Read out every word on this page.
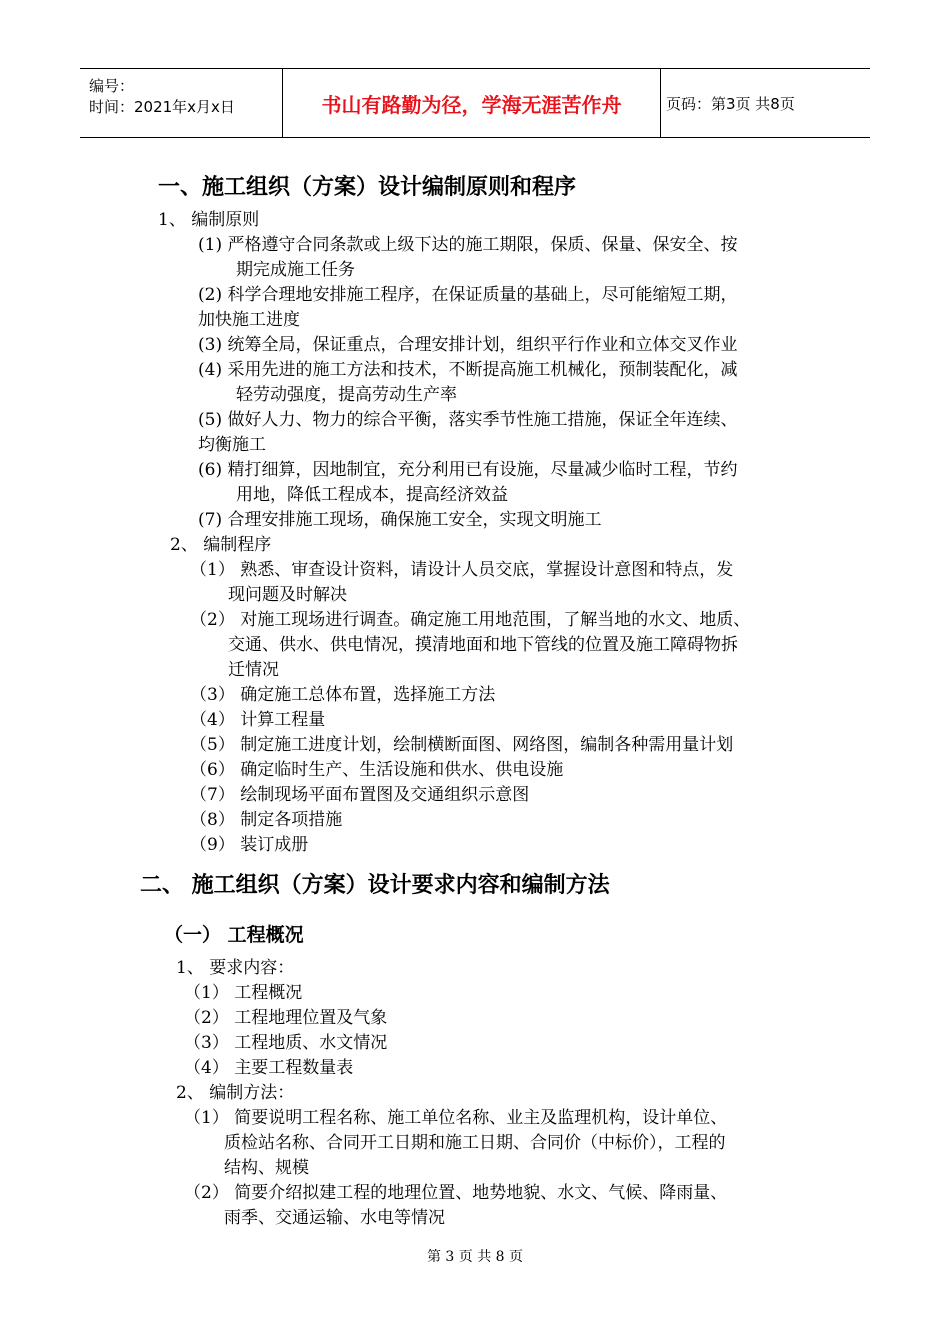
编号：
时间：2021年x月x日	书山有路勤为径，学海无涯苦作舟	页码：第3页 共8页
一、施工组织（方案）设计编制原则和程序
1、 编制原则
(1) 严格遵守合同条款或上级下达的施工期限，保质、保量、保安全、按
期完成施工任务
(2) 科学合理地安排施工程序，在保证质量的基础上，尽可能缩短工期，
加快施工进度
(3) 统筹全局，保证重点，合理安排计划，组织平行作业和立体交叉作业
(4) 采用先进的施工方法和技术，不断提高施工机械化，预制装配化，减
轻劳动强度，提高劳动生产率
(5) 做好人力、物力的综合平衡，落实季节性施工措施，保证全年连续、
均衡施工
(6) 精打细算，因地制宜，充分利用已有设施，尽量减少临时工程，节约
用地，降低工程成本，提高经济效益
(7) 合理安排施工现场，确保施工安全，实现文明施工
2、 编制程序
（1） 熟悉、审查设计资料，请设计人员交底，掌握设计意图和特点，发
现问题及时解决
（2） 对施工现场进行调查。确定施工用地范围，了解当地的水文、地质、
交通、供水、供电情况，摸清地面和地下管线的位置及施工障碍物拆
迁情况
（3） 确定施工总体布置，选择施工方法
（4） 计算工程量
（5） 制定施工进度计划，绘制横断面图、网络图，编制各种需用量计划
（6） 确定临时生产、生活设施和供水、供电设施
（7） 绘制现场平面布置图及交通组织示意图
（8） 制定各项措施
（9） 装订成册
二、 施工组织（方案）设计要求内容和编制方法
（一） 工程概况
1、 要求内容：
（1） 工程概况
（2） 工程地理位置及气象
（3） 工程地质、水文情况
（4） 主要工程数量表
2、 编制方法：
（1） 简要说明工程名称、施工单位名称、业主及监理机构，设计单位、
质检站名称、合同开工日期和施工日期、合同价（中标价），工程的
结构、规模
（2） 简要介绍拟建工程的地理位置、地势地貌、水文、气候、降雨量、
雨季、交通运输、水电等情况
第 3 页 共 8 页
